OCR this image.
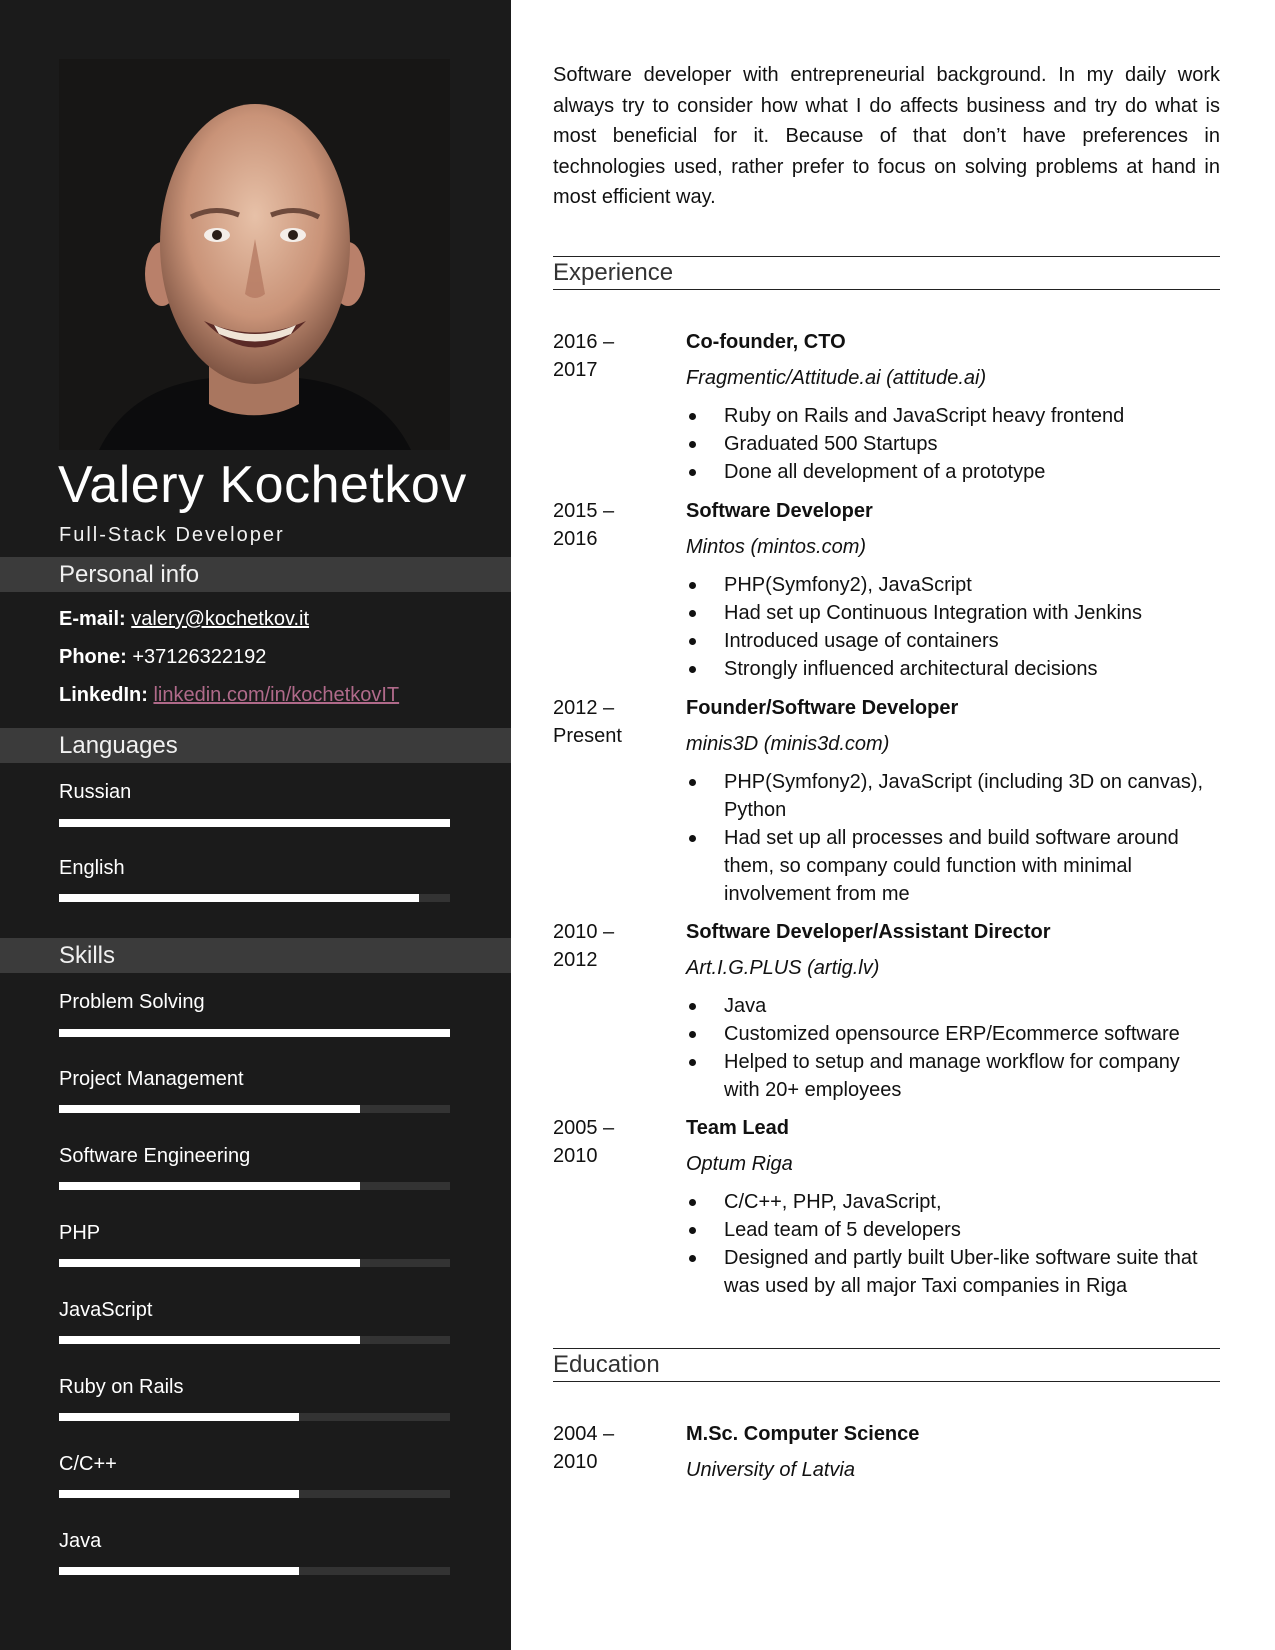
Valery Kochetkov
Full-Stack Developer
Personal info
E-mail: valery@kochetkov.it
Phone: +37126322192
LinkedIn: linkedin.com/in/kochetkovIT
Languages
Russian
English
Skills
Problem Solving
Project Management
Software Engineering
PHP
JavaScript
Ruby on Rails
C/C++
Java
Software developer with entrepreneurial background. In my daily work always try to consider how what I do affects business and try do what is most beneficial for it. Because of that don’t have preferences in technologies used, rather prefer to focus on solving problems at hand in most efficient way.
Experience
2016 –
2017
Co-founder, CTO
Fragmentic/Attitude.ai (attitude.ai)
Ruby on Rails and JavaScript heavy frontend
Graduated 500 Startups
Done all development of a prototype
2015 –
2016
Software Developer
Mintos (mintos.com)
PHP(Symfony2), JavaScript
Had set up Continuous Integration with Jenkins
Introduced usage of containers
Strongly influenced architectural decisions
2012 –
Present
Founder/Software Developer
minis3D (minis3d.com)
PHP(Symfony2), JavaScript (including 3D on canvas), Python
Had set up all processes and build software around them, so company could function with minimal involvement from me
2010 –
2012
Software Developer/Assistant Director
Art.I.G.PLUS (artig.lv)
Java
Customized opensource ERP/Ecommerce software
Helped to setup and manage workflow for company with 20+ employees
2005 –
2010
Team Lead
Optum Riga
C/C++, PHP, JavaScript,
Lead team of 5 developers
Designed and partly built Uber-like software suite that was used by all major Taxi companies in Riga
Education
2004 –
2010
M.Sc. Computer Science
University of Latvia
